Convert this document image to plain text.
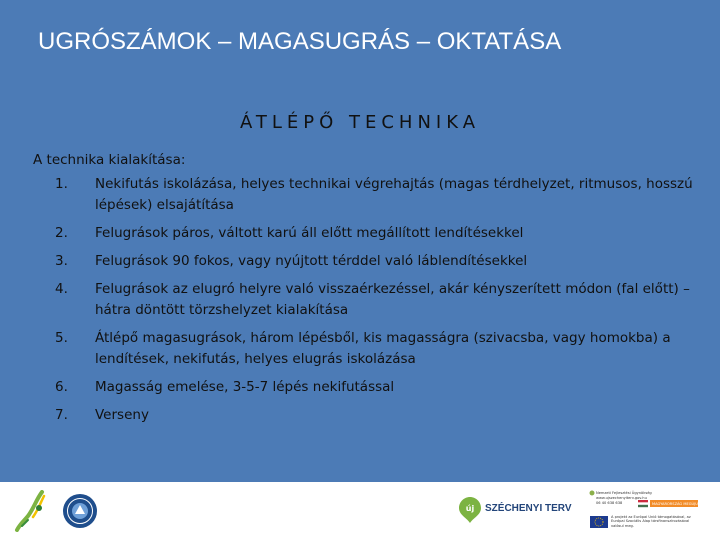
UGRÓSZÁMOK – MAGASUGRÁS – OKTATÁSA
ÁTLÉPŐ TECHNIKA
A technika kialakítása:
1. Nekifutás iskolázása, helyes technikai végrehajtás (magas térdhelyzet, ritmusos, hosszú lépések) elsajátítása
2. Felugrások páros, váltott karú áll előtt megállított lendítésekkel
3. Felugrások 90 fokos, vagy nyújtott térddel való láblendítésekkel
4. Felugrások az elugró helyre való visszaérkezéssel, akár kényszerített módon (fal előtt) – hátra döntött törzshelyzet kialakítása
5. Átlépő magasugrások, három lépésből, kis magasságra (szivacsba, vagy homokba) a lendítések, nekifutás, helyes elugrás iskolázása
6. Magasság emelése, 3-5-7 lépés nekifutással
7. Verseny
új SZÉCHENYI TERV
Nemzeti Fejlesztési Ügynökség
www.ujszechenyiterv.gov.hu
06 40 638 638	MAGYARORSZÁG MEGÚJUL
A projekt az Európai Unió támogatásával, az Európai Szociális Alap társfinanszírozásával valósul meg.
